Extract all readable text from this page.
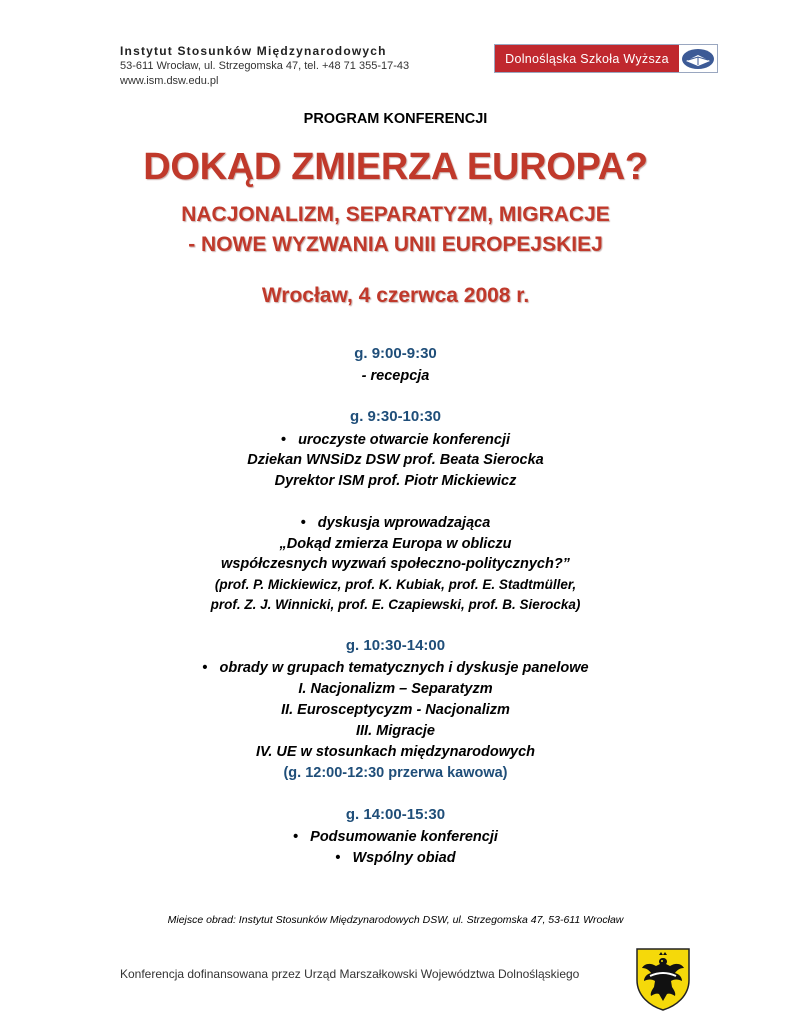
Instytut Stosunków Międzynarodowych
53-611 Wrocław, ul. Strzegomska 47, tel. +48 71 355-17-43
www.ism.dsw.edu.pl
Dolnośląska Szkoła Wyższa
PROGRAM KONFERENCJI
DOKĄD ZMIERZA EUROPA?
NACJONALIZM, SEPARATYZM, MIGRACJE
- NOWE WYZWANIA UNII EUROPEJSKIEJ
Wrocław, 4 czerwca 2008 r.
g. 9:00-9:30
- recepcja
g. 9:30-10:30
• uroczyste otwarcie konferencji
Dziekan WNSiDz DSW prof. Beata Sierocka
Dyrektor ISM prof. Piotr Mickiewicz
• dyskusja wprowadzająca
„Dokąd zmierza Europa w obliczu
współczesnych wyzwań społeczno-politycznych?”
(prof. P. Mickiewicz, prof. K. Kubiak, prof. E. Stadtmüller,
prof. Z. J. Winnicki, prof. E. Czapiewski, prof. B. Sierocka)
g. 10:30-14:00
• obrady w grupach tematycznych i dyskusje panelowe
I. Nacjonalizm – Separatyzm
II. Eurosceptycyzm - Nacjonalizm
III. Migracje
IV. UE w stosunkach międzynarodowych
(g. 12:00-12:30 przerwa kawowa)
g. 14:00-15:30
• Podsumowanie konferencji
• Wspólny obiad
Miejsce obrad: Instytut Stosunków Międzynarodowych DSW, ul. Strzegomska 47, 53-611 Wrocław
Konferencja dofinansowana przez Urząd Marszałkowski Województwa Dolnośląskiego
